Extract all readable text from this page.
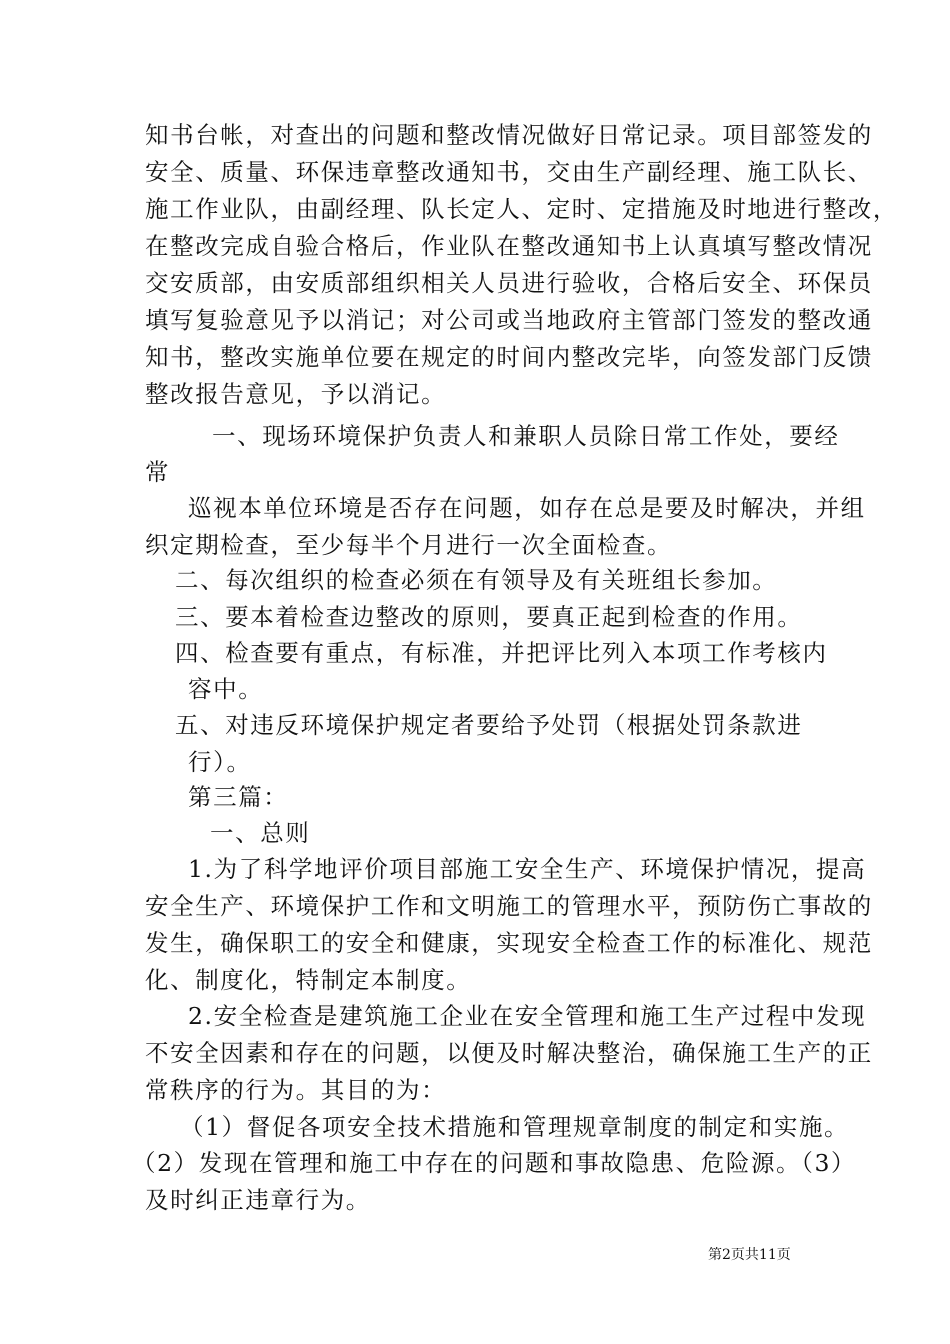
知书台帐，对查出的问题和整改情况做好日常记录。项目部签发的
安全、质量、环保违章整改通知书，交由生产副经理、施工队长、
施工作业队，由副经理、队长定人、定时、定措施及时地进行整改，
在整改完成自验合格后，作业队在整改通知书上认真填写整改情况
交安质部，由安质部组织相关人员进行验收，合格后安全、环保员
填写复验意见予以消记；对公司或当地政府主管部门签发的整改通
知书，整改实施单位要在规定的时间内整改完毕，向签发部门反馈
整改报告意见，予以消记。
一、现场环境保护负责人和兼职人员除日常工作处，要经
常
巡视本单位环境是否存在问题，如存在总是要及时解决，并组
织定期检查，至少每半个月进行一次全面检查。
二、每次组织的检查必须在有领导及有关班组长参加。
三、要本着检查边整改的原则，要真正起到检查的作用。
四、检查要有重点，有标准，并把评比列入本项工作考核内
容中。
五、对违反环境保护规定者要给予处罚（根据处罚条款进
行）。
第三篇：
一、总则
1.为了科学地评价项目部施工安全生产、环境保护情况，提高
安全生产、环境保护工作和文明施工的管理水平，预防伤亡事故的
发生，确保职工的安全和健康，实现安全检查工作的标准化、规范
化、制度化，特制定本制度。
2.安全检查是建筑施工企业在安全管理和施工生产过程中发现
不安全因素和存在的问题，以便及时解决整治，确保施工生产的正
常秩序的行为。其目的为：
（1）督促各项安全技术措施和管理规章制度的制定和实施。
（2）发现在管理和施工中存在的问题和事故隐患、危险源。（3）
及时纠正违章行为。
第2页共11页
